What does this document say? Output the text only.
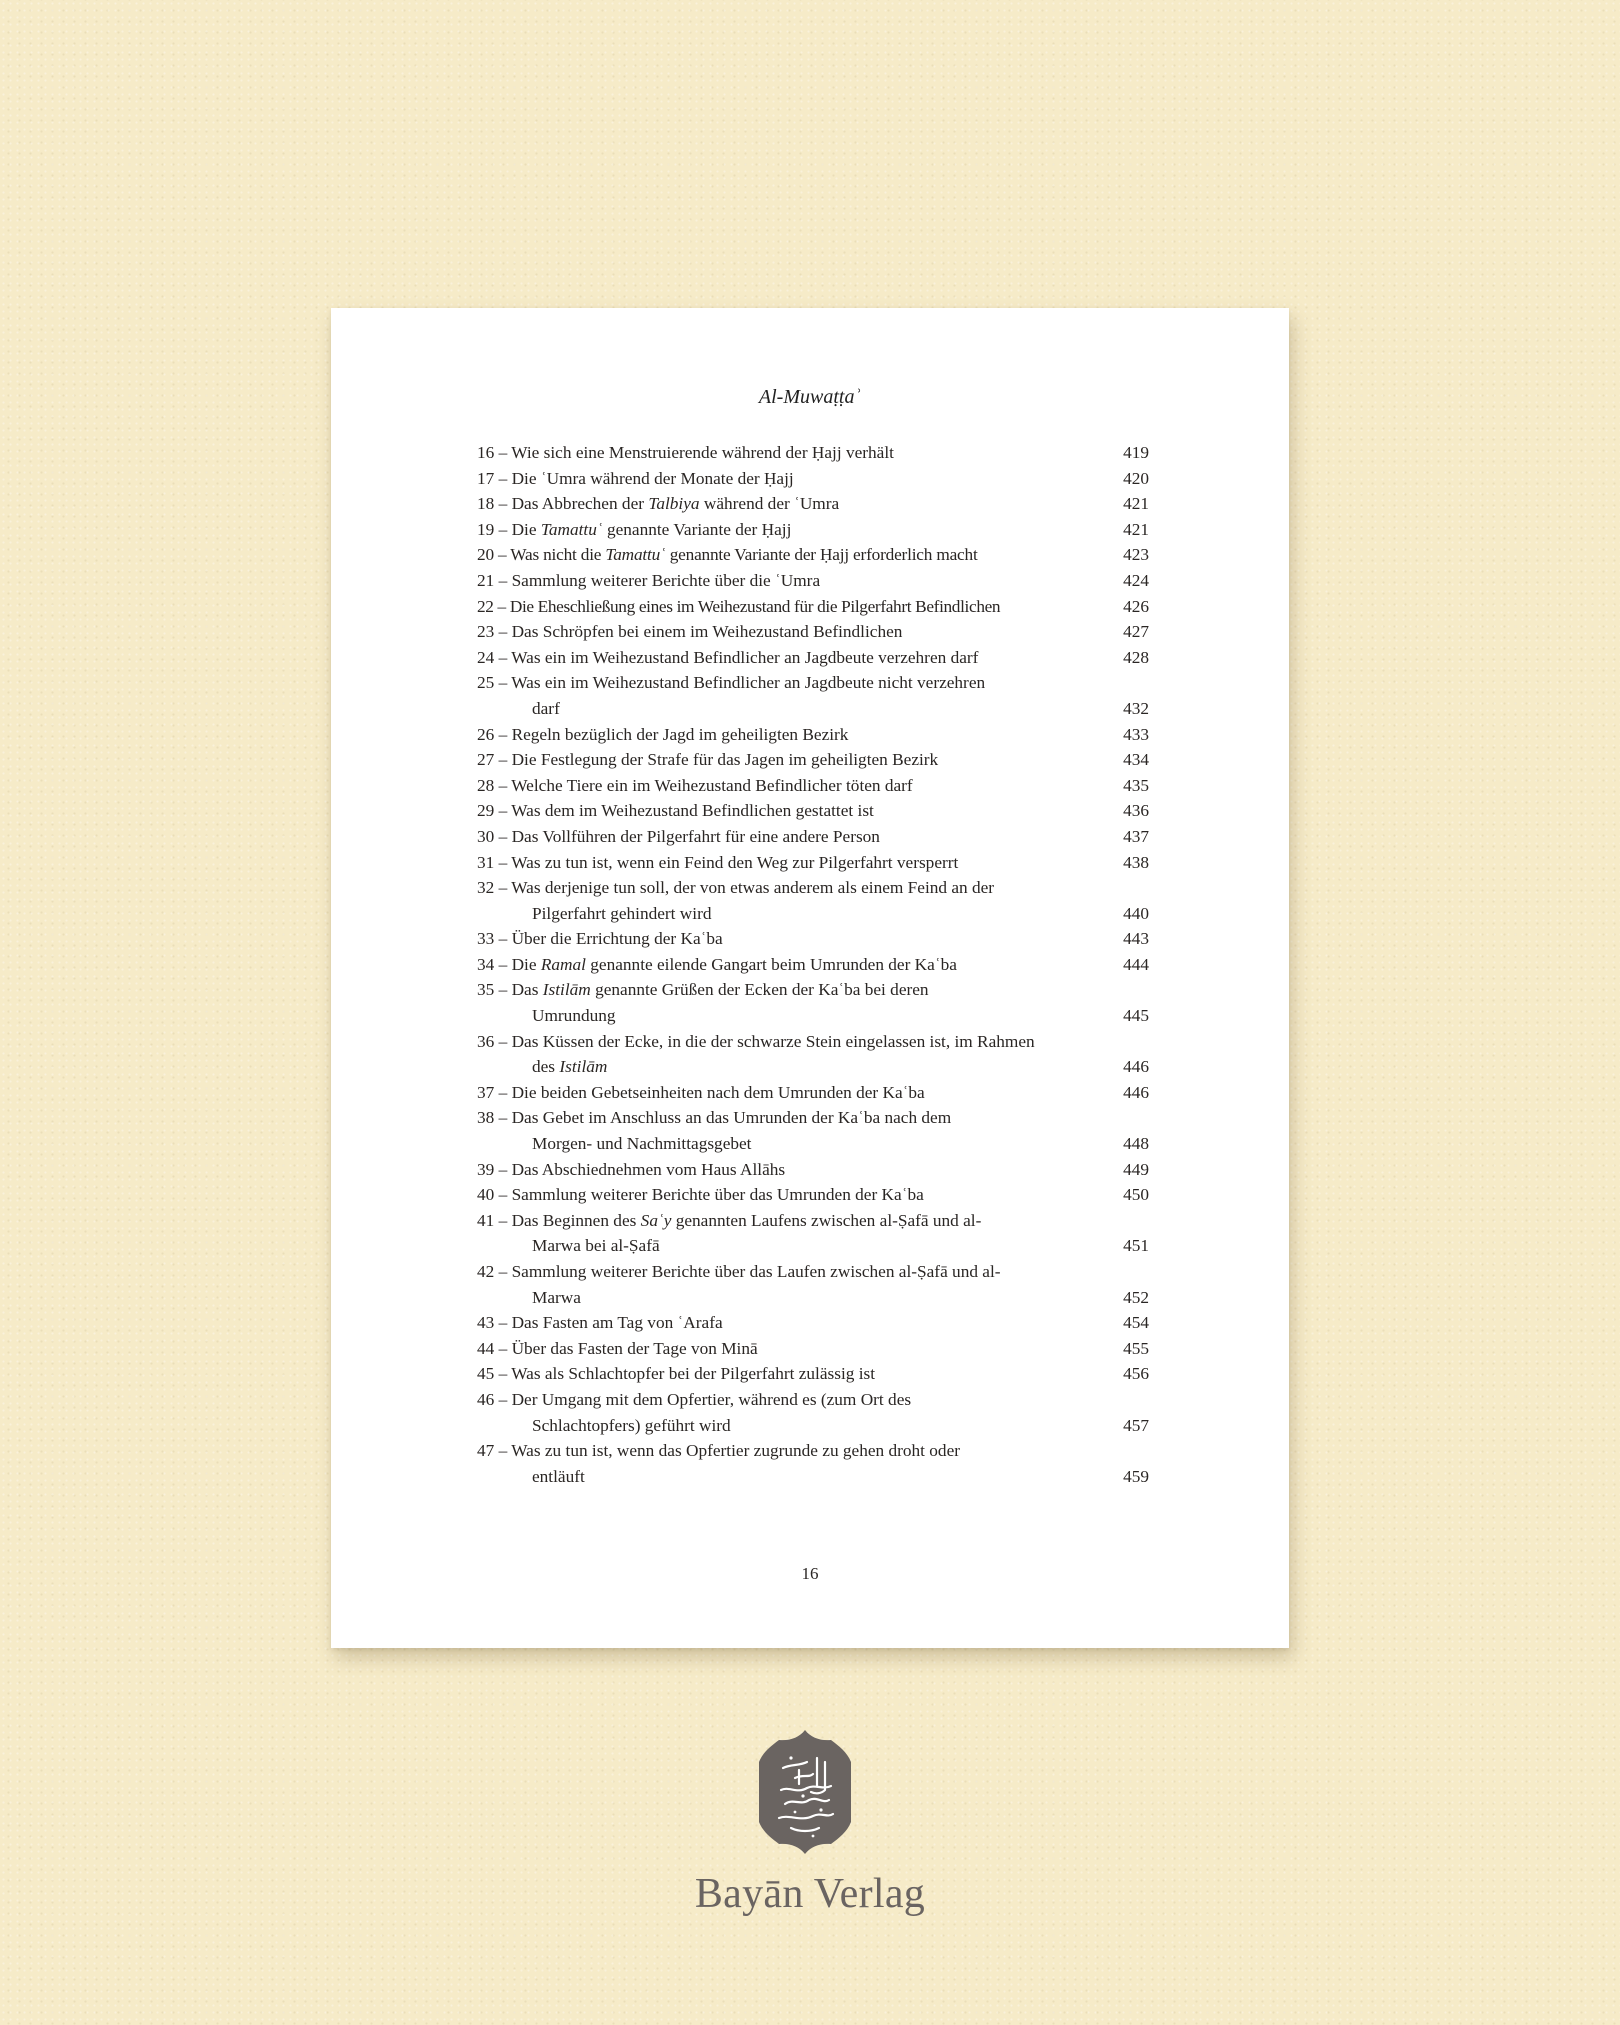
Al-Muwaṭṭaʾ
16 – Wie sich eine Menstruierende während der Ḥajj verhält	419
17 – Die ʿUmra während der Monate der Ḥajj	420
18 – Das Abbrechen der Talbiya während der ʿUmra	421
19 – Die Tamattuʿ genannte Variante der Ḥajj	421
20 – Was nicht die Tamattuʿ genannte Variante der Ḥajj erforderlich macht	423
21 – Sammlung weiterer Berichte über die ʿUmra	424
22 – Die Eheschließung eines im Weihezustand für die Pilgerfahrt Befindlichen	426
23 – Das Schröpfen bei einem im Weihezustand Befindlichen	427
24 – Was ein im Weihezustand Befindlicher an Jagdbeute verzehren darf	428
25 – Was ein im Weihezustand Befindlicher an Jagdbeute nicht verzehren darf	432
26 – Regeln bezüglich der Jagd im geheiligten Bezirk	433
27 – Die Festlegung der Strafe für das Jagen im geheiligten Bezirk	434
28 – Welche Tiere ein im Weihezustand Befindlicher töten darf	435
29 – Was dem im Weihezustand Befindlichen gestattet ist	436
30 – Das Vollführen der Pilgerfahrt für eine andere Person	437
31 – Was zu tun ist, wenn ein Feind den Weg zur Pilgerfahrt versperrt	438
32 – Was derjenige tun soll, der von etwas anderem als einem Feind an der Pilgerfahrt gehindert wird	440
33 – Über die Errichtung der Kaʿba	443
34 – Die Ramal genannte eilende Gangart beim Umrunden der Kaʿba	444
35 – Das Istilām genannte Grüßen der Ecken der Kaʿba bei deren Umrundung	445
36 – Das Küssen der Ecke, in die der schwarze Stein eingelassen ist, im Rahmen des Istilām	446
37 – Die beiden Gebetseinheiten nach dem Umrunden der Kaʿba	446
38 – Das Gebet im Anschluss an das Umrunden der Kaʿba nach dem Morgen- und Nachmittagsgebet	448
39 – Das Abschiednehmen vom Haus Allāhs	449
40 – Sammlung weiterer Berichte über das Umrunden der Kaʿba	450
41 – Das Beginnen des Saʿy genannten Laufens zwischen al-Ṣafā und al-Marwa bei al-Ṣafā	451
42 – Sammlung weiterer Berichte über das Laufen zwischen al-Ṣafā und al-Marwa	452
43 – Das Fasten am Tag von ʿArafa	454
44 – Über das Fasten der Tage von Minā	455
45 – Was als Schlachtopfer bei der Pilgerfahrt zulässig ist	456
46 – Der Umgang mit dem Opfertier, während es (zum Ort des Schlachtopfers) geführt wird	457
47 – Was zu tun ist, wenn das Opfertier zugrunde zu gehen droht oder entläuft	459
16
Bayān Verlag
